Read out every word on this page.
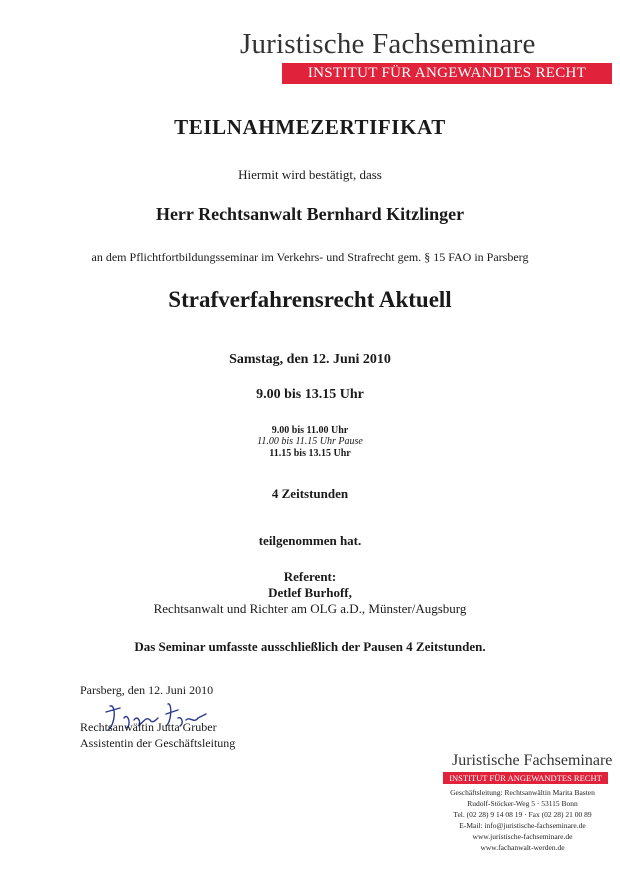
Juristische Fachseminare
INSTITUT FÜR ANGEWANDTES RECHT
TEILNAHMEZERTIFIKAT
Hiermit wird bestätigt, dass
Herr Rechtsanwalt Bernhard Kitzlinger
an dem Pflichtfortbildungsseminar im Verkehrs- und Strafrecht gem. § 15 FAO in Parsberg
Strafverfahrensrecht Aktuell
Samstag, den 12. Juni 2010
9.00 bis 13.15 Uhr
9.00 bis 11.00 Uhr
11.00 bis 11.15 Uhr Pause
11.15 bis 13.15 Uhr
4 Zeitstunden
teilgenommen hat.
Referent:
Detlef Burhoff,
Rechtsanwalt und Richter am OLG a.D., Münster/Augsburg
Das Seminar umfasste ausschließlich der Pausen 4 Zeitstunden.
Parsberg, den 12. Juni 2010
Rechtsanwältin Jutta Gruber
Assistentin der Geschäftsleitung
Juristische Fachseminare
INSTITUT FÜR ANGEWANDTES RECHT
Geschäftsleitung: Rechtsanwältin Marita Basten
Rudolf-Stöcker-Weg 5 · 53115 Bonn
Tel. (02 28) 9 14 08 19 · Fax (02 28) 21 00 89
E-Mail: info@juristische-fachseminare.de
www.juristische-fachseminare.de
www.fachanwalt-werden.de
